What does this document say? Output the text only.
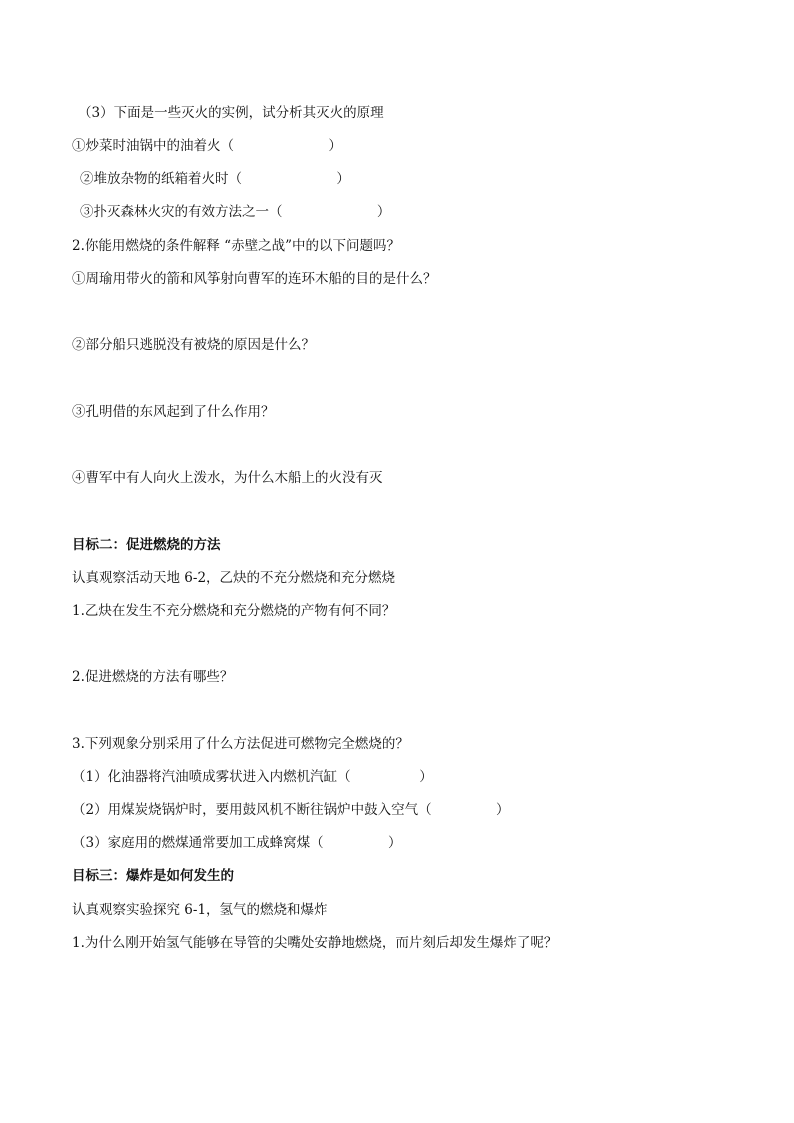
（3）下面是一些灭火的实例，试分析其灭火的原理
①炒菜时油锅中的油着火（                      ）
②堆放杂物的纸箱着火时（                      ）
③扑灭森林火灾的有效方法之一（                      ）
2.你能用燃烧的条件解释 “赤壁之战”中的以下问题吗？
①周瑜用带火的箭和风筝射向曹军的连环木船的目的是什么？
②部分船只逃脱没有被烧的原因是什么？
③孔明借的东风起到了什么作用？
④曹军中有人向火上泼水，为什么木船上的火没有灭
目标二：促进燃烧的方法
认真观察活动天地 6-2，乙炔的不充分燃烧和充分燃烧
1.乙炔在发生不充分燃烧和充分燃烧的产物有何不同？
2.促进燃烧的方法有哪些？
3.下列观象分别采用了什么方法促进可燃物完全燃烧的？
（1）化油器将汽油喷成雾状进入内燃机汽缸（                ）
（2）用煤炭烧锅炉时，要用鼓风机不断往锅炉中鼓入空气（               ）
（3）家庭用的燃煤通常要加工成蜂窝煤（               ）
目标三：爆炸是如何发生的
认真观察实验探究 6-1，氢气的燃烧和爆炸
1.为什么刚开始氢气能够在导管的尖嘴处安静地燃烧，而片刻后却发生爆炸了呢？
